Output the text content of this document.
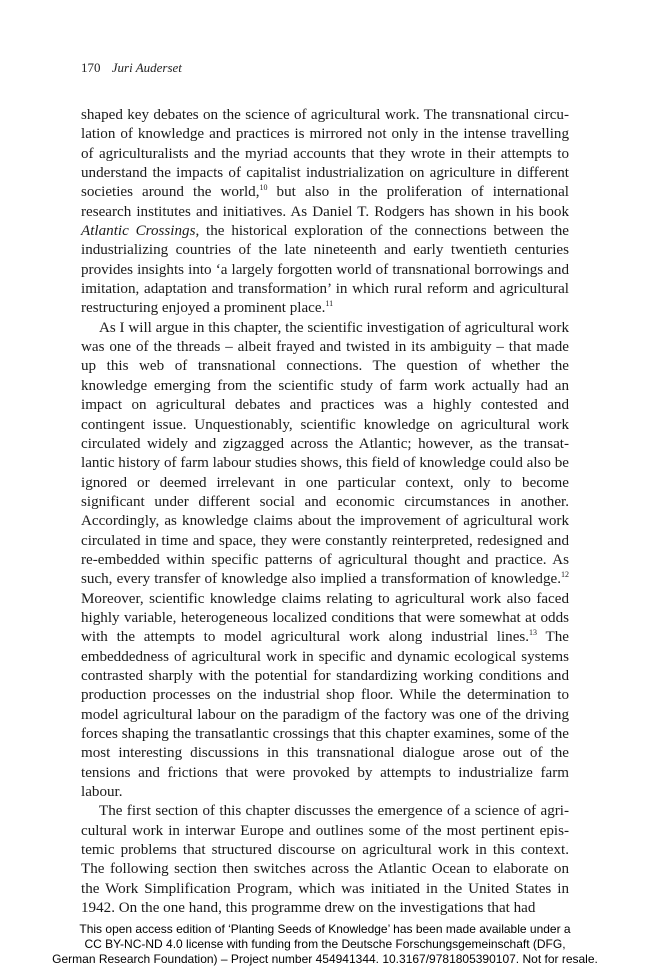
170 Juri Auderset

shaped key debates on the science of agricultural work. The transnational circulation of knowledge and practices is mirrored not only in the intense travelling of agriculturalists and the myriad accounts that they wrote in their attempts to understand the impacts of capitalist industrialization on agriculture in different societies around the world,$^{10}$ but also in the proliferation of international research institutes and initiatives. As Daniel T. Rodgers has shown in his book Atlantic Crossings, the historical exploration of the connections between the industrializing countries of the late nineteenth and early twentieth centuries provides insights into ‘a largely forgotten world of transnational borrowings and imitation, adaptation and transformation’ in which rural reform and agricultural restructuring enjoyed a prominent place.$^{11}$

As I will argue in this chapter, the scientific investigation of agricultural work was one of the threads – albeit frayed and twisted in its ambiguity – that made up this web of transnational connections. The question of whether the knowledge emerging from the scientific study of farm work actually had an impact on agricultural debates and practices was a highly contested and contingent issue. Unquestionably, scientific knowledge on agricultural work circulated widely and zigzagged across the Atlantic; however, as the transatlantic history of farm labour studies shows, this field of knowledge could also be ignored or deemed irrelevant in one particular context, only to become significant under different social and economic circumstances in another. Accordingly, as knowledge claims about the improvement of agricultural work circulated in time and space, they were constantly reinterpreted, redesigned and re-embedded within specific patterns of agricultural thought and practice. As such, every transfer of knowledge also implied a transformation of knowledge.$^{12}$ Moreover, scientific knowledge claims relating to agricultural work also faced highly variable, heterogeneous localized conditions that were somewhat at odds with the attempts to model agricultural work along industrial lines.$^{13}$ The embeddedness of agricultural work in specific and dynamic ecological systems contrasted sharply with the potential for standardizing working conditions and production processes on the industrial shop floor. While the determination to model agricultural labour on the paradigm of the factory was one of the driving forces shaping the transatlantic crossings that this chapter examines, some of the most interesting discussions in this transnational dialogue arose out of the tensions and frictions that were provoked by attempts to industrialize farm labour.

The first section of this chapter discusses the emergence of a science of agricultural work in interwar Europe and outlines some of the most pertinent epistemic problems that structured discourse on agricultural work in this context. The following section then switches across the Atlantic Ocean to elaborate on the Work Simplification Program, which was initiated in the United States in 1942. On the one hand, this programme drew on the investigations that had

This open access edition of ‘Planting Seeds of Knowledge’ has been made available under a
CC BY-NC-ND 4.0 license with funding from the Deutsche Forschungsgemeinschaft (DFG,
German Research Foundation) – Project number 454941344. 10.3167/9781805390107. Not for resale.
